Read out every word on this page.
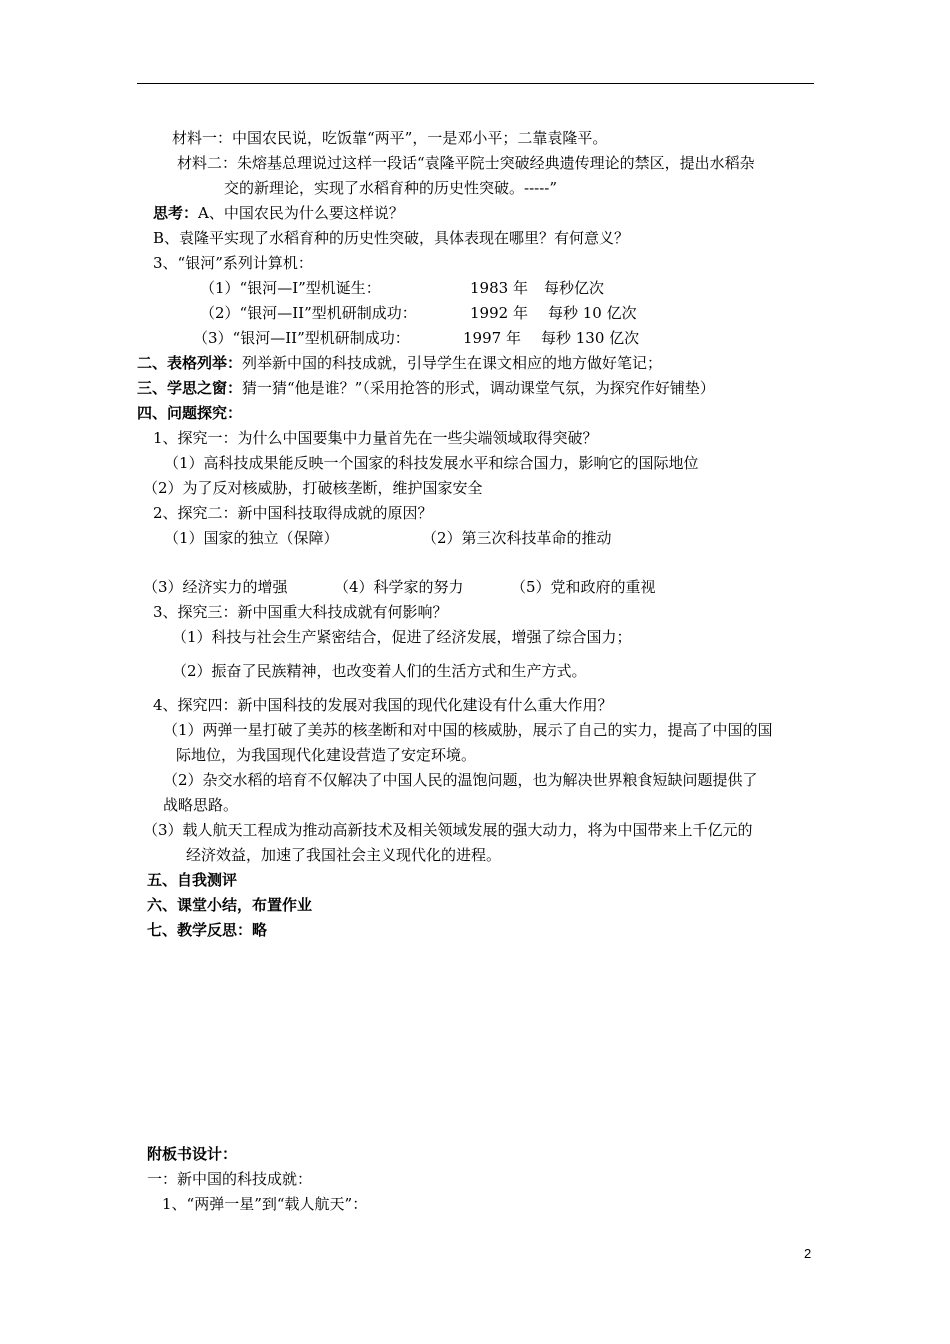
材料一：中国农民说，吃饭靠“两平”，一是邓小平；二靠袁隆平。
材料二：朱熔基总理说过这样一段话“袁隆平院士突破经典遗传理论的禁区，提出水稻杂
交的新理论，实现了水稻育种的历史性突破。-----”
思考：A、中国农民为什么要这样说？
B、袁隆平实现了水稻育种的历史性突破，具体表现在哪里？有何意义？
3、“银河”系列计算机：
（1）“银河—I”型机诞生：	1983 年 每秒亿次
（2）“银河—II”型机研制成功：	1992 年 每秒 10 亿次
（3）“银河—II”型机研制成功：	1997 年 每秒 130 亿次
二、表格列举：列举新中国的科技成就，引导学生在课文相应的地方做好笔记；
三、学思之窗：猜一猜“他是谁？”（采用抢答的形式，调动课堂气氛，为探究作好铺垫）
四、问题探究：
1、探究一：为什么中国要集中力量首先在一些尖端领域取得突破？
（1）高科技成果能反映一个国家的科技发展水平和综合国力，影响它的国际地位
（2）为了反对核威胁，打破核垄断，维护国家安全
2、探究二：新中国科技取得成就的原因？
（1）国家的独立（保障）	（2）第三次科技革命的推动
（3）经济实力的增强	（4）科学家的努力	（5）党和政府的重视
3、探究三：新中国重大科技成就有何影响？
（1）科技与社会生产紧密结合，促进了经济发展，增强了综合国力；
（2）振奋了民族精神，也改变着人们的生活方式和生产方式。
4、探究四：新中国科技的发展对我国的现代化建设有什么重大作用？
（1）两弹一星打破了美苏的核垄断和对中国的核威胁，展示了自己的实力，提高了中国的国
际地位，为我国现代化建设营造了安定环境。
（2）杂交水稻的培育不仅解决了中国人民的温饱问题，也为解决世界粮食短缺问题提供了
战略思路。
（3）载人航天工程成为推动高新技术及相关领域发展的强大动力，将为中国带来上千亿元的
经济效益，加速了我国社会主义现代化的进程。
五、自我测评
六、课堂小结，布置作业
七、教学反思：略
附板书设计：
一：新中国的科技成就：
1、“两弹一星”到“载人航天”：
2
